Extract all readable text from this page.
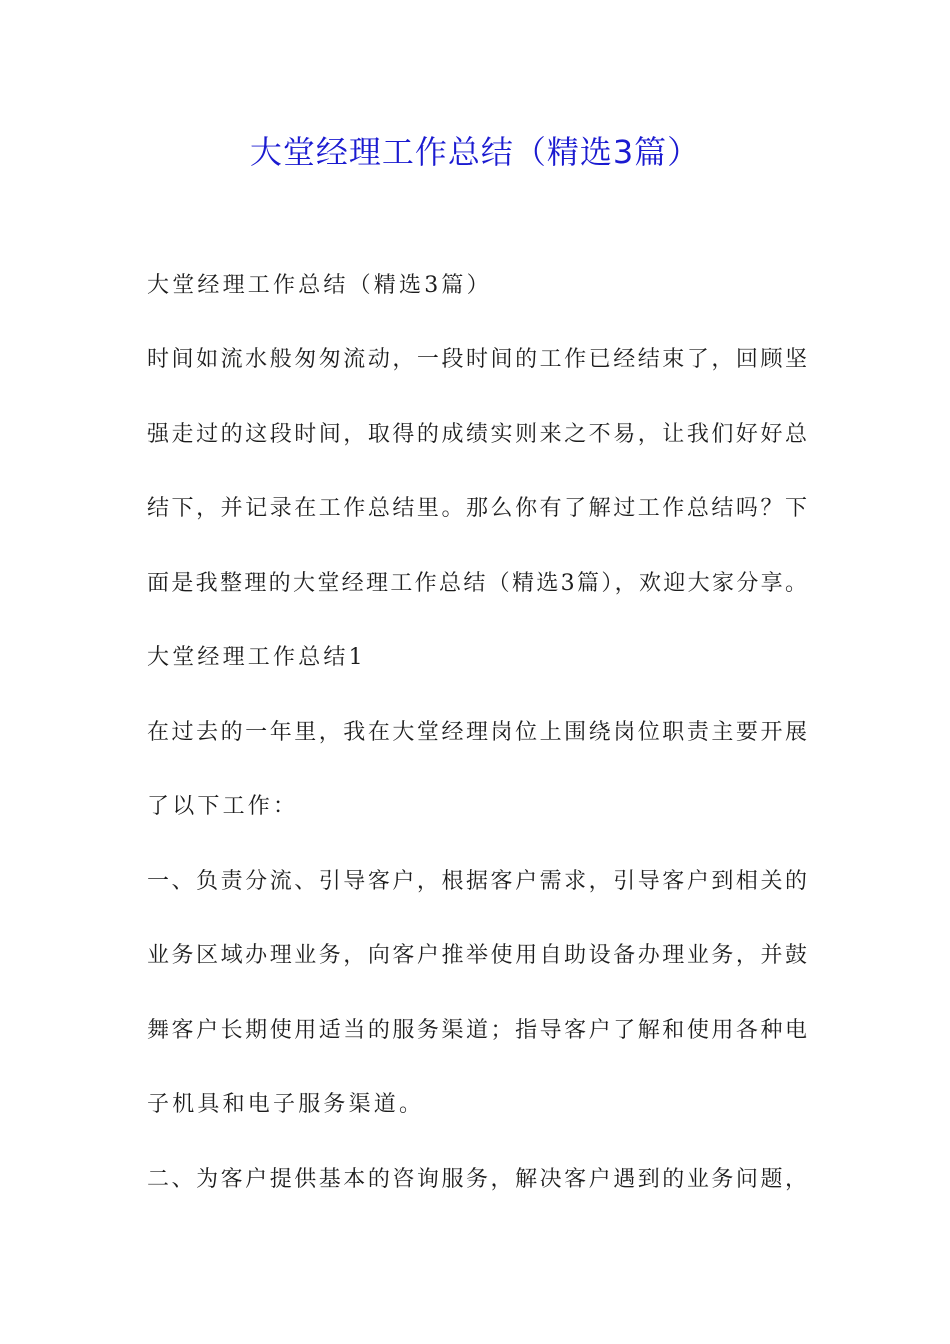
大堂经理工作总结（精选3篇）

大堂经理工作总结（精选3篇）

时间如流水般匆匆流动，一段时间的工作已经结束了，回顾坚

强走过的这段时间，取得的成绩实则来之不易，让我们好好总

结下，并记录在工作总结里。那么你有了解过工作总结吗？下

面是我整理的大堂经理工作总结（精选3篇），欢迎大家分享。

大堂经理工作总结1

在过去的一年里，我在大堂经理岗位上围绕岗位职责主要开展

了以下工作：

一、负责分流、引导客户，根据客户需求，引导客户到相关的

业务区域办理业务，向客户推举使用自助设备办理业务，并鼓

舞客户长期使用适当的服务渠道；指导客户了解和使用各种电

子机具和电子服务渠道。

二、为客户提供基本的咨询服务，解决客户遇到的业务问题，
